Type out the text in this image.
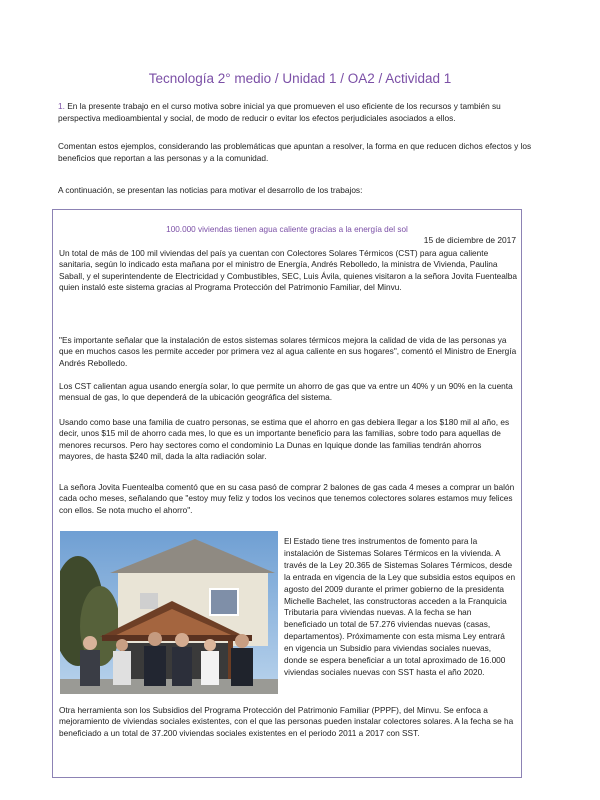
Tecnología 2° medio / Unidad 1 / OA2 / Actividad 1

1. En la presente trabajo en el curso motiva sobre inicial ya que promueven el uso eficiente de los recursos y también su perspectiva medioambiental y social, de modo de reducir o evitar los efectos perjudiciales asociados a ellos.

Comentan estos ejemplos, considerando las problemáticas que apuntan a resolver, la forma en que reducen dichos efectos y los beneficios que reportan a las personas y a la comunidad.

A continuación, se presentan las noticias para motivar el desarrollo de los trabajos:

100.000 viviendas tienen agua caliente gracias a la energía del sol
15 de diciembre de 2017

Un total de más de 100 mil viviendas del país ya cuentan con Colectores Solares Térmicos (CST) para agua caliente sanitaria, según lo indicado esta mañana por el ministro de Energía, Andrés Rebolledo, la ministra de Vivienda, Paulina Saball, y el superintendente de Electricidad y Combustibles, SEC, Luis Ávila, quienes visitaron a la señora Jovita Fuentealba quien instaló este sistema gracias al Programa Protección del Patrimonio Familiar, del Minvu.

"Es importante señalar que la instalación de estos sistemas solares térmicos mejora la calidad de vida de las personas ya que en muchos casos les permite acceder por primera vez al agua caliente en sus hogares", comentó el Ministro de Energía Andrés Rebolledo.

Los CST calientan agua usando energía solar, lo que permite un ahorro de gas que va entre un 40% y un 90% en la cuenta mensual de gas, lo que dependerá de la ubicación geográfica del sistema.

Usando como base una familia de cuatro personas, se estima que el ahorro en gas debiera llegar a los $180 mil al año, es decir, unos $15 mil de ahorro cada mes, lo que es un importante beneficio para las familias, sobre todo para aquellas de menores recursos. Pero hay sectores como el condominio La Dunas en Iquique donde las familias tendrán ahorros mayores, de hasta $240 mil, dada la alta radiación solar.

La señora Jovita Fuentealba comentó que en su casa pasó de comprar 2 balones de gas cada 4 meses a comprar un balón cada ocho meses, señalando que "estoy muy feliz y todos los vecinos que tenemos colectores solares estamos muy felices con ellos. Se nota mucho el ahorro".

El Estado tiene tres instrumentos de fomento para la instalación de Sistemas Solares Térmicos en la vivienda. A través de la Ley 20.365 de Sistemas Solares Térmicos, desde la entrada en vigencia de la Ley que subsidia estos equipos en agosto del 2009 durante el primer gobierno de la presidenta Michelle Bachelet, las constructoras acceden a la Franquicia Tributaria para viviendas nuevas. A la fecha se han beneficiado un total de 57.276 viviendas nuevas (casas, departamentos). Próximamente con esta misma Ley entrará en vigencia un Subsidio para viviendas sociales nuevas, donde se espera beneficiar a un total aproximado de 16.000 viviendas sociales nuevas con SST hasta el año 2020.

Otra herramienta son los Subsidios del Programa Protección del Patrimonio Familiar (PPPF), del Minvu. Se enfoca a mejoramiento de viviendas sociales existentes, con el que las personas pueden instalar colectores solares. A la fecha se ha beneficiado a un total de 37.200 viviendas sociales existentes en el periodo 2011 a 2017 con SST.
